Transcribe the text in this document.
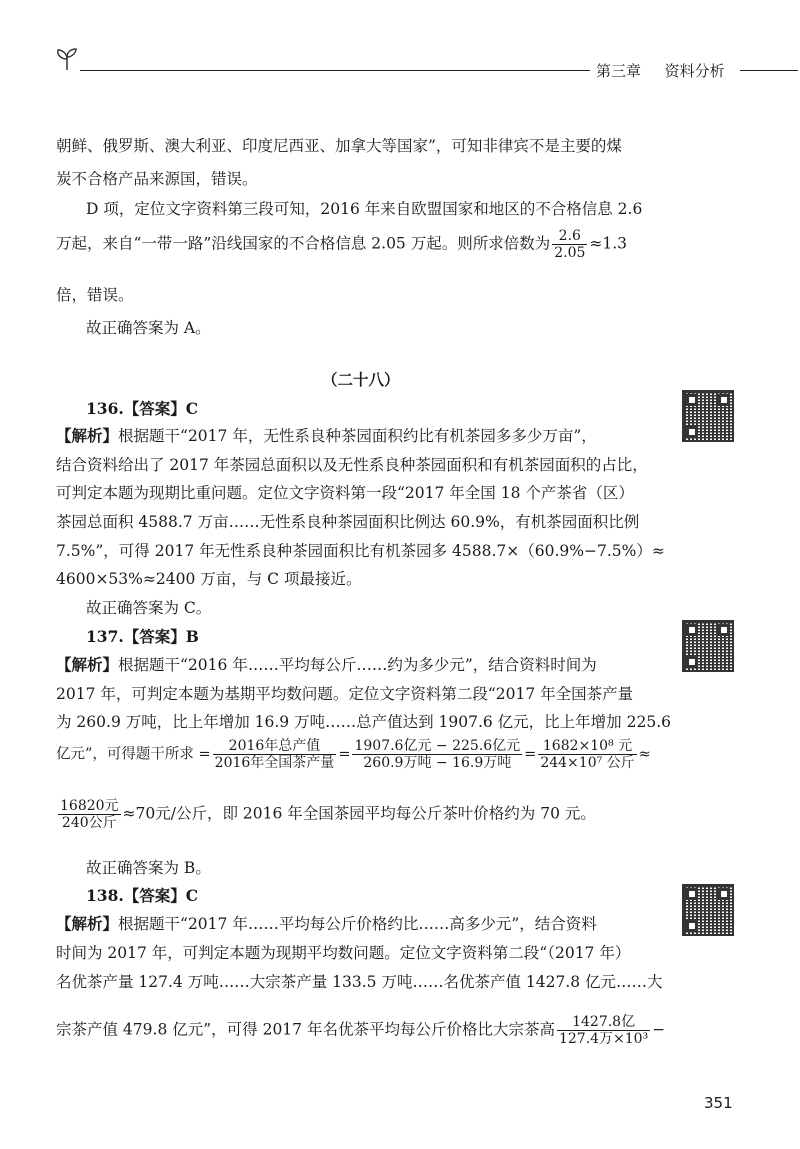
第三章 资料分析
朝鲜、俄罗斯、澳大利亚、印度尼西亚、加拿大等国家”，可知非律宾不是主要的煤
炭不合格产品来源国，错误。
D 项，定位文字资料第三段可知，2016 年来自欧盟国家和地区的不合格信息 2.6
万起，来自“一带一路”沿线国家的不合格信息 2.05 万起。则所求倍数为 $\frac{2.6}{2.05} \approx 1.3$
倍，错误。
故正确答案为 A。
（二十八）
136.【答案】C
【解析】根据题干“2017 年，无性系良种茶园面积约比有机茶园多多少万亩”，
结合资料给出了 2017 年茶园总面积以及无性系良种茶园面积和有机茶园面积的占比，
可判定本题为现期比重问题。定位文字资料第一段“2017 年全国 18 个产茶省（区）
茶园总面积 4588.7 万亩……无性系良种茶园面积比例达 60.9%，有机茶园面积比例
7.5%”，可得 2017 年无性系良种茶园面积比有机茶园多 4588.7×（60.9%−7.5%）≈
4600×53%≈2400 万亩，与 C 项最接近。
故正确答案为 C。
137.【答案】B
【解析】根据题干“2016 年……平均每公斤……约为多少元”，结合资料时间为
2017 年，可判定本题为基期平均数问题。定位文字资料第二段“2017 年全国茶产量
为 260.9 万吨，比上年增加 16.9 万吨……总产值达到 1907.6 亿元，比上年增加 225.6
亿元”，可得题干所求 = $\frac{\text{2016年总产值}}{\text{2016年全国茶产量}} = \frac{\text{1907.6亿元 − 225.6亿元}}{\text{260.9万吨 − 16.9万吨}} = \frac{\text{1682×10⁸ 元}}{\text{244×10⁷ 公斤}}$ ≈
$\frac{\text{16820元}}{\text{240公斤}} \approx 70$元/公斤，即 2016 年全国茶园平均每公斤茶叶价格约为 70 元。
故正确答案为 B。
138.【答案】C
【解析】根据题干“2017 年……平均每公斤价格约比……高多少元”，结合资料
时间为 2017 年，可判定本题为现期平均数问题。定位文字资料第二段“（2017 年）
名优茶产量 127.4 万吨……大宗茶产量 133.5 万吨……名优茶产值 1427.8 亿元……大
宗茶产值 479.8 亿元”，可得 2017 年名优茶平均每公斤价格比大宗茶高 $\frac{\text{1427.8亿}}{\text{127.4万×10³}}$ −
351
